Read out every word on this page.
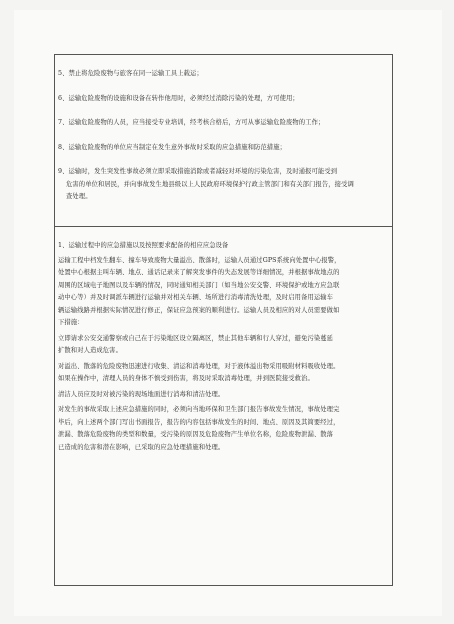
5、禁止将危险废物与旅客在同一运输工具上载运；

6、运输危险废物的设施和设备在转作他用时，必须经过消除污染的处理，方可使用；

7、运输危险废物的人员，应当接受专业培训，经考核合格后，方可从事运输危险废物的工作；

8、运输危险废物的单位应当制定在发生意外事故时采取的应急措施和防范措施；

9、运输时，发生突发性事故必须立即采取措施消除或者减轻对环境的污染危害，及时通报可能受到
危害的单位和居民，并向事故发生地县级以上人民政府环境保护行政主管部门和有关部门报告，接受调
查处理。

1、运输过程中的应急措施以及按照要求配备的相应应急设备
运输工程中档发生翻车、撞车导致废物大量溢出、散落时，运输人员通过GPS系统向处置中心报警，
处置中心根据主叫车辆、地点、通话记录来了解突发事件的失态发展等详细情况，并根据事故地点的
周围的区域电子地图以及车辆的情况，同时通知相关部门（如当地公安交警、环境保护或地方应急联
动中心等）并及时调派车辆进行运输并对相关车辆、场所进行消毒清洗处理，及时启用备用运输车
辆运输线路并根据实际情况进行修正，保证应急预案的顺利进行。运输人员及相应的对人员需要做如
下措施：
立即请求公安交通警察或自己在于污染地区设立隔离区，禁止其他车辆和行人穿过，避免污染蔓延
扩散和对人造成危害。
对溢出、散落的危险废物迅速进行收集、清运和消毒处理，对于液体溢出物采用吸附材料吸收处理。
如果在操作中，清理人员的身体不慎受到伤害，将及时采取消毒处理，并到医院接受救治。
清洁人员应及时对被污染的现场地面进行消毒和清洁处理。
对发生的事故采取上述应急措施的同时，必须向当地环保和卫生部门报告事故发生情况，事故处理完
毕后，向上述两个部门写出书面报告，报告的内容包括事故发生的时间、地点、原因及其简要经过，
泄漏、散落危险废物的类型和数量，受污染的原因及危险废物产生单位名称，危险废物泄漏、散落
已造成的危害和潜在影响，已采取的应急处理措施和处理。
